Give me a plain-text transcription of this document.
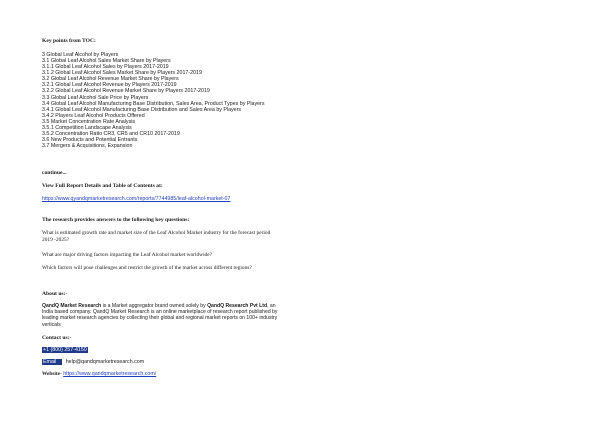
Key points from TOC:
3 Global Leaf Alcohol by Players
3.1 Global Leaf Alcohol Sales Market Share by Players
3.1.1 Global Leaf Alcohol Sales by Players 2017-2019
3.1.2 Global Leaf Alcohol Sales Market Share by Players 2017-2019
3.2 Global Leaf Alcohol Revenue Market Share by Players
3.2.1 Global Leaf Alcohol Revenue by Players 2017-2019
3.2.2 Global Leaf Alcohol Revenue Market Share by Players 2017-2019
3.3 Global Leaf Alcohol Sale Price by Players
3.4 Global Leaf Alcohol Manufacturing Base Distribution, Sales Area, Product Types by Players
3.4.1 Global Leaf Alcohol Manufacturing Base Distribution and Sales Area by Players
3.4.2 Players Leaf Alcohol Products Offered
3.5 Market Concentration Rate Analysis
3.5.1 Competition Landscape Analysis
3.5.2 Concentration Ratio CR3, CR5 and CR10 2017-2019
3.6 New Products and Potential Entrants
3.7 Mergers & Acquisitions, Expansion
continue...
View Full Report Details and Table of Contents at:
https://www.qyandqmarketresearch.com/reports/7744985/leaf-alcohol-market-07
The research provides answers to the following key questions:
What is estimated growth rate and market size of the Leaf Alcohol Market industry for the forecast period 2019 -2025?
What are major driving factors impacting the Leaf Alcohol market worldwide?
Which factors will pose challenges and restrict the growth of the market across different regions?
About us:-
QandQ Market Research is a Market aggregator brand owned solely by QandQ Research Pvt Ltd, an India based company. QandQ Market Research is an online marketplace of research report published by leading market research agencies by collecting their global and regional market reports on 100+ industry verticals
Contact us:-
+1 (800) 257-4150
Email help@qandqmarketresearch.com
Website- https://www.qandqmarketresearch.com/
